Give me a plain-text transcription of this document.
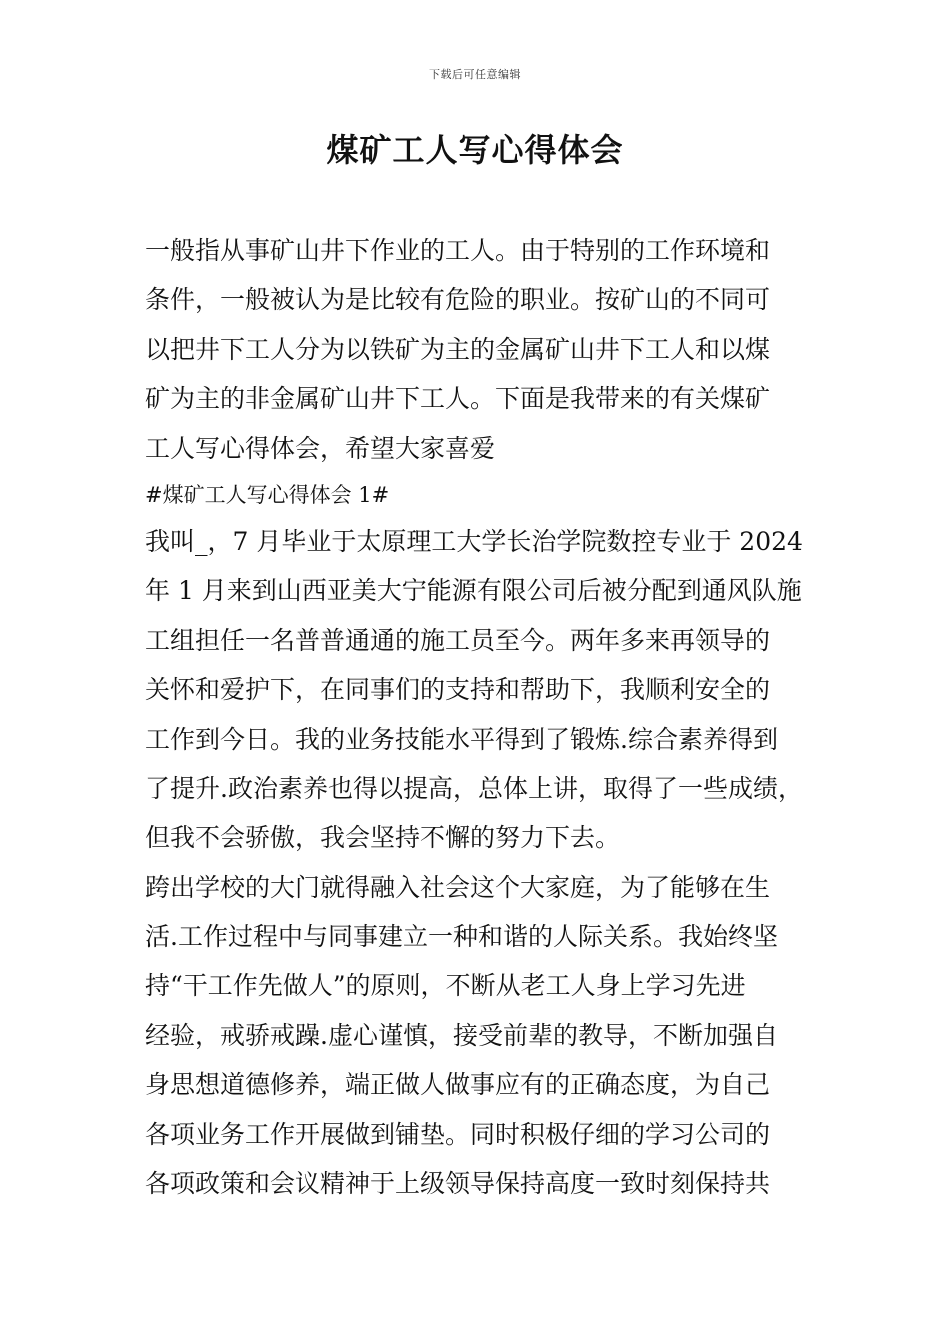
下载后可任意编辑
煤矿工人写心得体会
一般指从事矿山井下作业的工人。由于特别的工作环境和
条件，一般被认为是比较有危险的职业。按矿山的不同可
以把井下工人分为以铁矿为主的金属矿山井下工人和以煤
矿为主的非金属矿山井下工人。下面是我带来的有关煤矿
工人写心得体会，希望大家喜爱
#煤矿工人写心得体会 1#
我叫_，7 月毕业于太原理工大学长治学院数控专业于 2024
年 1 月来到山西亚美大宁能源有限公司后被分配到通风队施
工组担任一名普普通通的施工员至今。两年多来再领导的
关怀和爱护下，在同事们的支持和帮助下，我顺利安全的
工作到今日。我的业务技能水平得到了锻炼.综合素养得到
了提升.政治素养也得以提高，总体上讲，取得了一些成绩，
但我不会骄傲，我会坚持不懈的努力下去。
跨出学校的大门就得融入社会这个大家庭，为了能够在生
活.工作过程中与同事建立一种和谐的人际关系。我始终坚
持“干工作先做人”的原则，不断从老工人身上学习先进
经验，戒骄戒躁.虚心谨慎，接受前辈的教导，不断加强自
身思想道德修养，端正做人做事应有的正确态度，为自己
各项业务工作开展做到铺垫。同时积极仔细的学习公司的
各项政策和会议精神于上级领导保持高度一致时刻保持共
